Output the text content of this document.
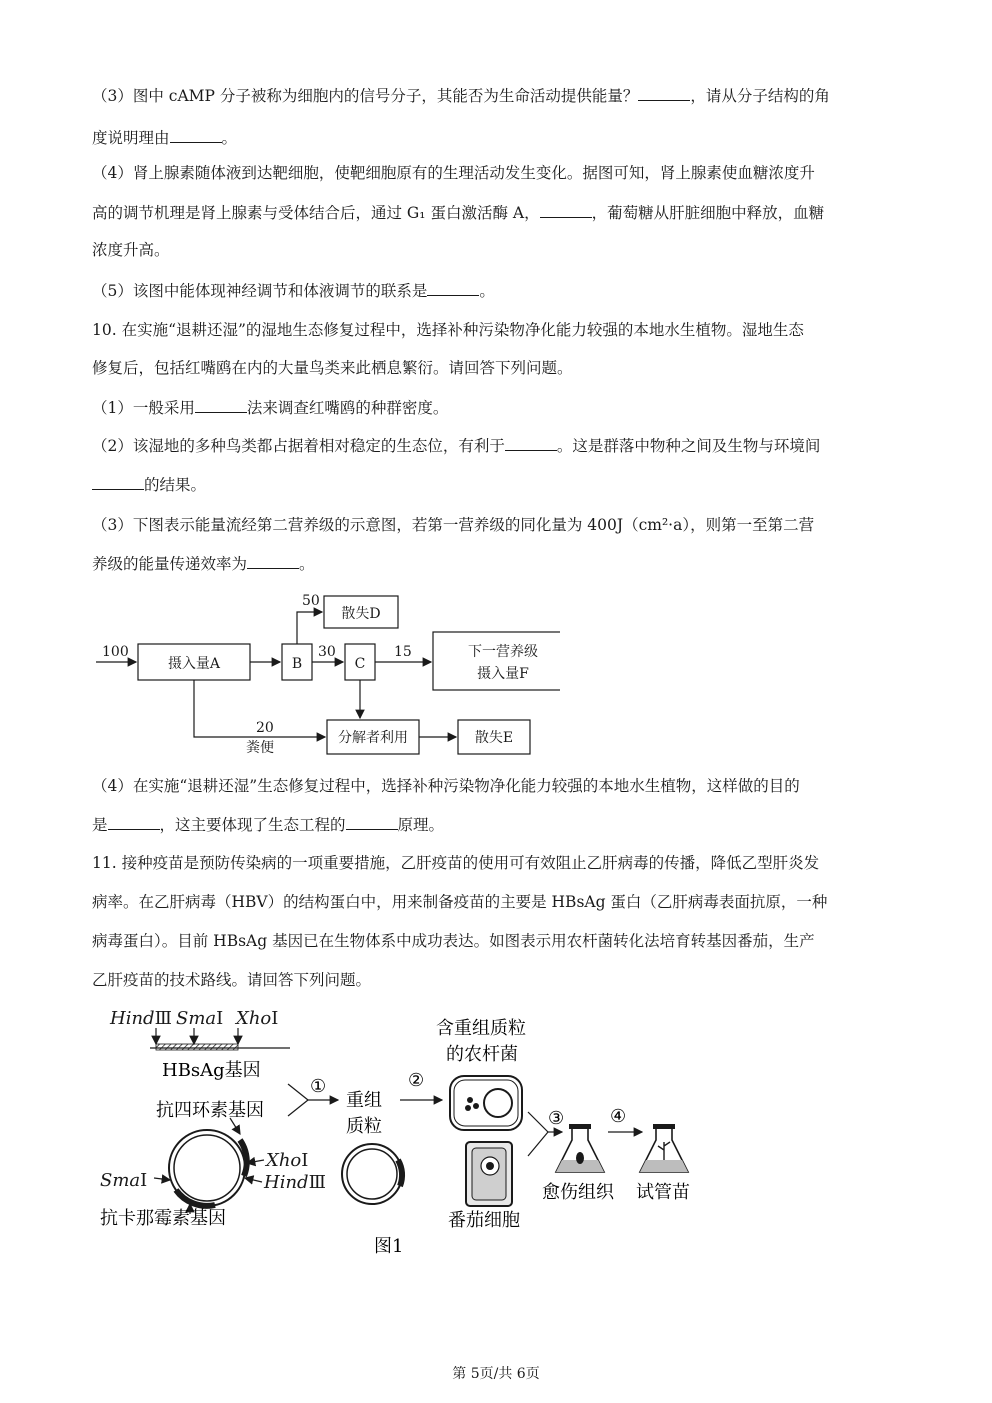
（3）图中 cAMP 分子被称为细胞内的信号分子，其能否为生命活动提供能量？	，请从分子结构的角
度说明理由	。
（4）肾上腺素随体液到达靶细胞，使靶细胞原有的生理活动发生变化。据图可知，肾上腺素使血糖浓度升
高的调节机理是肾上腺素与受体结合后，通过 G₁ 蛋白激活酶 A，	，葡萄糖从肝脏细胞中释放，血糖
浓度升高。
（5）该图中能体现神经调节和体液调节的联系是	。
10. 在实施“退耕还湿”的湿地生态修复过程中，选择补种污染物净化能力较强的本地水生植物。湿地生态
修复后，包括红嘴鸥在内的大量鸟类来此栖息繁衍。请回答下列问题。
（1）一般采用	法来调查红嘴鸥的种群密度。
（2）该湿地的多种鸟类都占据着相对稳定的生态位，有利于	。这是群落中物种之间及生物与环境间
的结果。
（3）下图表示能量流经第二营养级的示意图，若第一营养级的同化量为 400J（cm²·a），则第一至第二营
养级的能量传递效率为	。
100
摄入量A	B	C
50
散失D
30	15	下一营养级
摄入量F
20
粪便
分解者利用	散失E
（4）在实施“退耕还湿”生态修复过程中，选择补种污染物净化能力较强的本地水生植物，这样做的目的
是	，这主要体现了生态工程的	原理。
11. 接种疫苗是预防传染病的一项重要措施，乙肝疫苗的使用可有效阻止乙肝病毒的传播，降低乙型肝炎发
病率。在乙肝病毒（HBV）的结构蛋白中，用来制备疫苗的主要是 HBsAg 蛋白（乙肝病毒表面抗原，一种
病毒蛋白）。目前 HBsAg 基因已在生物体系中成功表达。如图表示用农杆菌转化法培育转基因番茄，生产
乙肝疫苗的技术路线。请回答下列问题。
HindⅢ SmaⅠ XhoⅠ
HBsAg基因
抗四环素基因
XhoⅠ
HindⅢ
SmaⅠ
抗卡那霉素基因
①
重组
质粒
②
含重组质粒
的农杆菌
番茄细胞
③
愈伤组织
④
试管苗
图1
第 5页/共 6页
